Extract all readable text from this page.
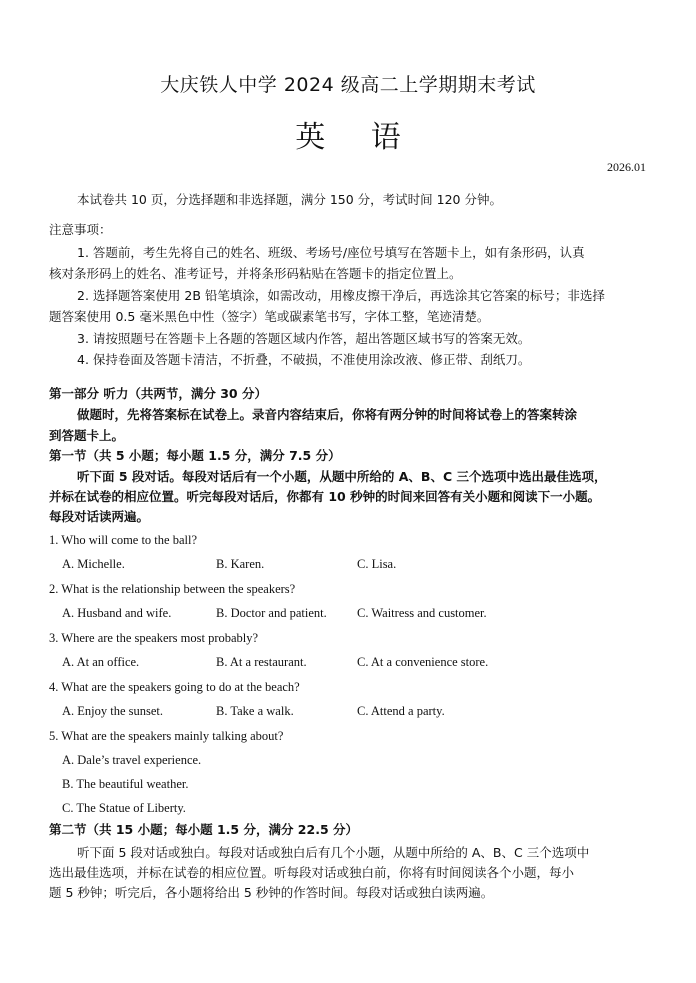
大庆铁人中学 2024 级高二上学期期末考试
英 语
2026.01
本试卷共 10 页，分选择题和非选择题，满分 150 分，考试时间 120 分钟。
注意事项：
1. 答题前，考生先将自己的姓名、班级、考场号/座位号填写在答题卡上，如有条形码，认真
核对条形码上的姓名、准考证号，并将条形码粘贴在答题卡的指定位置上。
2. 选择题答案使用 2B 铅笔填涂，如需改动，用橡皮擦干净后，再选涂其它答案的标号；非选择
题答案使用 0.5 毫米黑色中性（签字）笔或碳素笔书写，字体工整，笔迹清楚。
3. 请按照题号在答题卡上各题的答题区域内作答，超出答题区域书写的答案无效。
4. 保持卷面及答题卡清洁，不折叠，不破损，不准使用涂改液、修正带、刮纸刀。
第一部分 听力（共两节，满分 30 分）
做题时，先将答案标在试卷上。录音内容结束后，你将有两分钟的时间将试卷上的答案转涂
到答题卡上。
第一节（共 5 小题；每小题 1.5 分，满分 7.5 分）
听下面 5 段对话。每段对话后有一个小题，从题中所给的 A、B、C 三个选项中选出最佳选项，
并标在试卷的相应位置。听完每段对话后，你都有 10 秒钟的时间来回答有关小题和阅读下一小题。
每段对话读两遍。
1. Who will come to the ball?
A. Michelle.	B. Karen.	C. Lisa.
2. What is the relationship between the speakers?
A. Husband and wife.	B. Doctor and patient. C. Waitress and customer.
3. Where are the speakers most probably?
A. At an office.	B. At a restaurant.	C. At a convenience store.
4. What are the speakers going to do at the beach?
A. Enjoy the sunset.	B. Take a walk.	C. Attend a party.
5. What are the speakers mainly talking about?
A. Dale’s travel experience.
B. The beautiful weather.
C. The Statue of Liberty.
第二节（共 15 小题；每小题 1.5 分，满分 22.5 分）
听下面 5 段对话或独白。每段对话或独白后有几个小题，从题中所给的 A、B、C 三个选项中
选出最佳选项，并标在试卷的相应位置。听每段对话或独白前，你将有时间阅读各个小题，每小
题 5 秒钟；听完后，各小题将给出 5 秒钟的作答时间。每段对话或独白读两遍。
